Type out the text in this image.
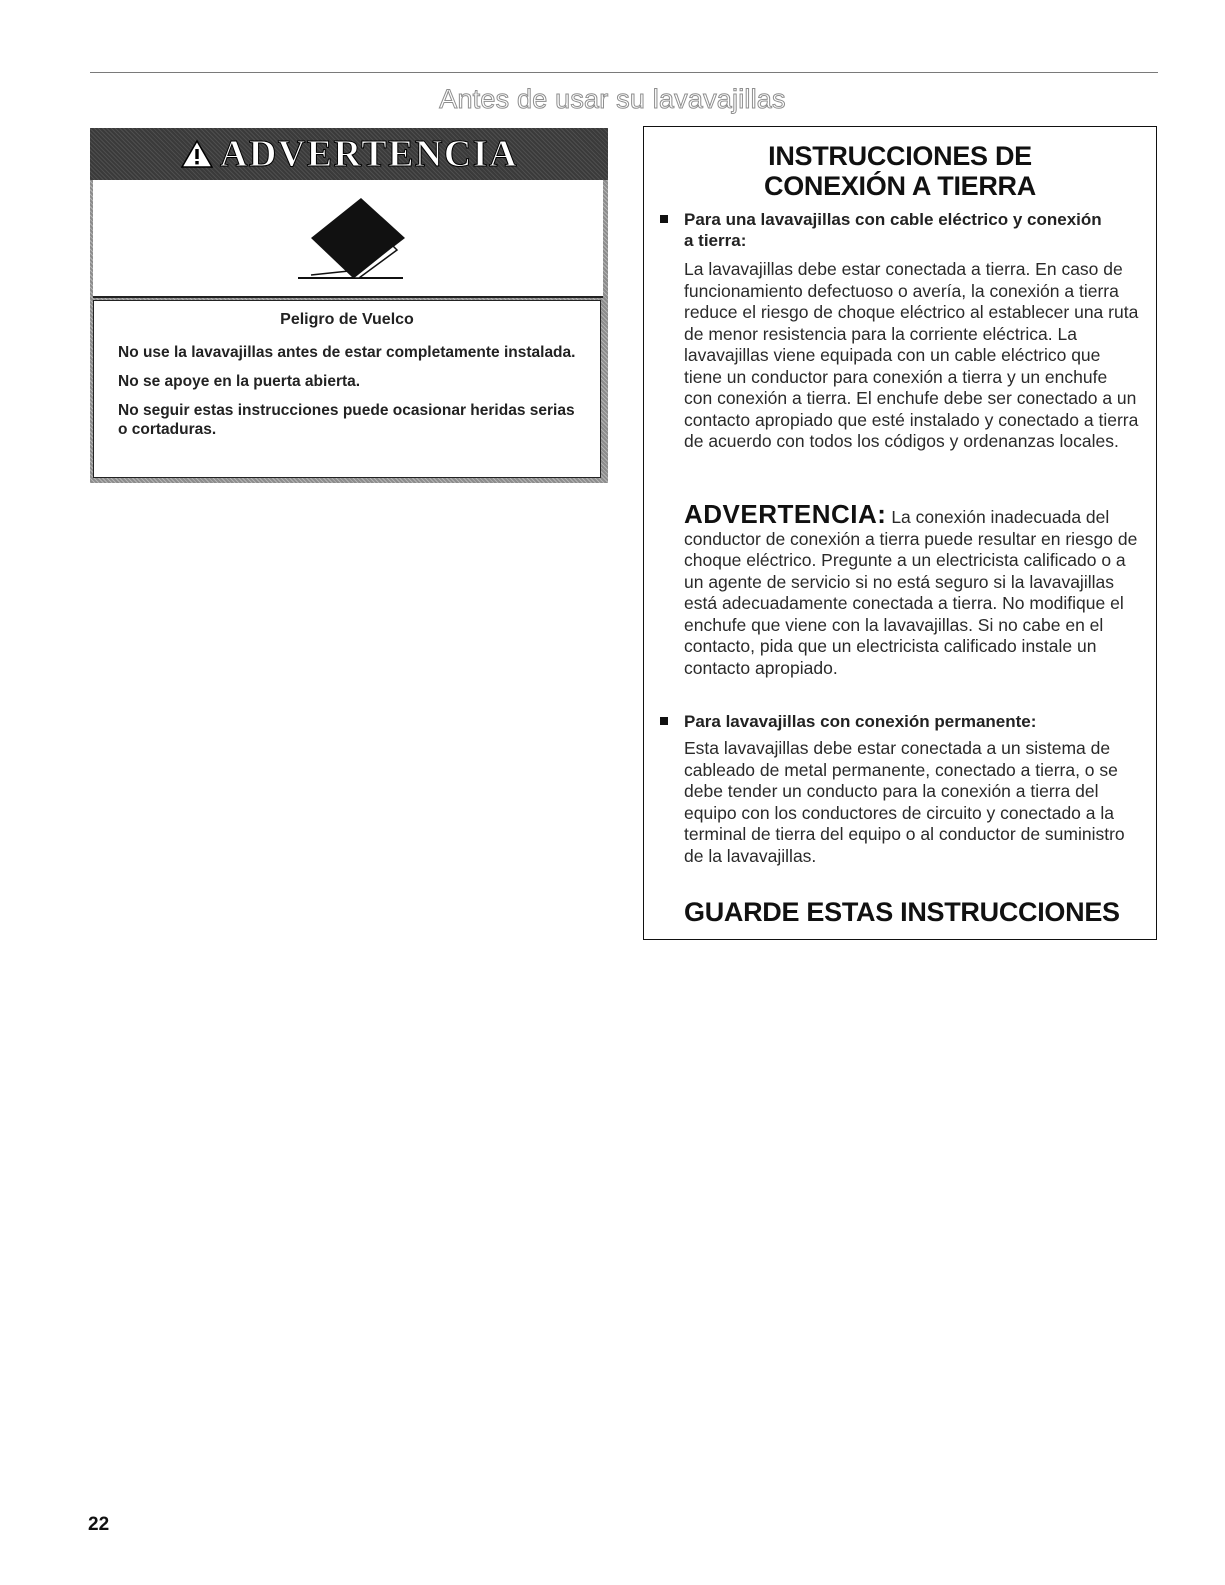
Antes de usar su lavavajillas
ADVERTENCIA
Peligro de Vuelco

No use la lavavajillas antes de estar completamente instalada.

No se apoye en la puerta abierta.

No seguir estas instrucciones puede ocasionar heridas serias o cortaduras.

INSTRUCCIONES DE
CONEXIÓN A TIERRA
Para una lavavajillas con cable eléctrico y conexión a tierra:
La lavavajillas debe estar conectada a tierra. En caso de funcionamiento defectuoso o avería, la conexión a tierra reduce el riesgo de choque eléctrico al establecer una ruta de menor resistencia para la corriente eléctrica. La lavavajillas viene equipada con un cable eléctrico que tiene un conductor para conexión a tierra y un enchufe con conexión a tierra. El enchufe debe ser conectado a un contacto apropiado que esté instalado y conectado a tierra de acuerdo con todos los códigos y ordenanzas locales.
ADVERTENCIA: La conexión inadecuada del conductor de conexión a tierra puede resultar en riesgo de choque eléctrico. Pregunte a un electricista calificado o a un agente de servicio si no está seguro si la lavavajillas está adecuadamente conectada a tierra. No modifique el enchufe que viene con la lavavajillas. Si no cabe en el contacto, pida que un electricista calificado instale un contacto apropiado.
Para lavavajillas con conexión permanente:
Esta lavavajillas debe estar conectada a un sistema de cableado de metal permanente, conectado a tierra, o se debe tender un conducto para la conexión a tierra del equipo con los conductores de circuito y conectado a la terminal de tierra del equipo o al conductor de suministro de la lavavajillas.
GUARDE ESTAS INSTRUCCIONES
22
